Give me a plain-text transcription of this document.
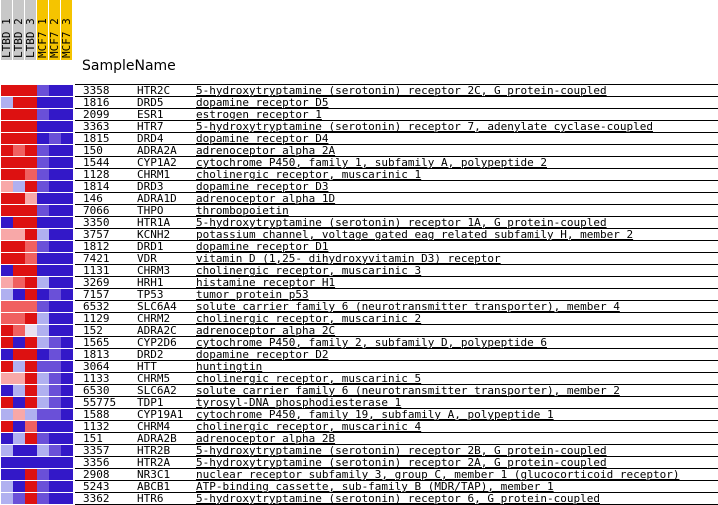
LTBD 1 LTBD 2 LTBD 3 MCF7 1 MCF7 2 MCF7 3
SampleName
3358	HTR2C 5-hydroxytryptamine (serotonin) receptor 2C, G protein-coupled
1816	DRD5	dopamine receptor D5
2099	ESR1	estrogen receptor 1
3363	HTR7	5-hydroxytryptamine (serotonin) receptor 7, adenylate cyclase-coupled
1815	DRD4	dopamine receptor D4
150	ADRA2A adrenoceptor alpha 2A
1544	CYP1A2 cytochrome P450, family 1, subfamily A, polypeptide 2
1128	CHRM1 cholinergic receptor, muscarinic 1
1814	DRD3	dopamine receptor D3
146	ADRA1D adrenoceptor alpha 1D
7066	THPO	thrombopoietin
3350	HTR1A 5-hydroxytryptamine (serotonin) receptor 1A, G protein-coupled
3757	KCNH2 potassium channel, voltage gated eag related subfamily H, member 2
1812	DRD1	dopamine receptor D1
7421	VDR	vitamin D (1,25- dihydroxyvitamin D3) receptor
1131	CHRM3 cholinergic receptor, muscarinic 3
3269	HRH1	histamine receptor H1
7157	TP53	tumor protein p53
6532	SLC6A4 solute carrier family 6 (neurotransmitter transporter), member 4
1129	CHRM2 cholinergic receptor, muscarinic 2
152	ADRA2C adrenoceptor alpha 2C
1565	CYP2D6 cytochrome P450, family 2, subfamily D, polypeptide 6
1813	DRD2	dopamine receptor D2
3064	HTT	huntingtin
1133	CHRM5 cholinergic receptor, muscarinic 5
6530	SLC6A2 solute carrier family 6 (neurotransmitter transporter), member 2
55775 TDP1	tyrosyl-DNA phosphodiesterase 1
1588	CYP19A1 cytochrome P450, family 19, subfamily A, polypeptide 1
1132	CHRM4 cholinergic receptor, muscarinic 4
151	ADRA2B adrenoceptor alpha 2B
3357	HTR2B 5-hydroxytryptamine (serotonin) receptor 2B, G protein-coupled
3356	HTR2A 5-hydroxytryptamine (serotonin) receptor 2A, G protein-coupled
2908	NR3C1 nuclear receptor subfamily 3, group C, member 1 (glucocorticoid receptor)
5243	ABCB1 ATP-binding cassette, sub-family B (MDR/TAP), member 1
3362	HTR6	5-hydroxytryptamine (serotonin) receptor 6, G protein-coupled
